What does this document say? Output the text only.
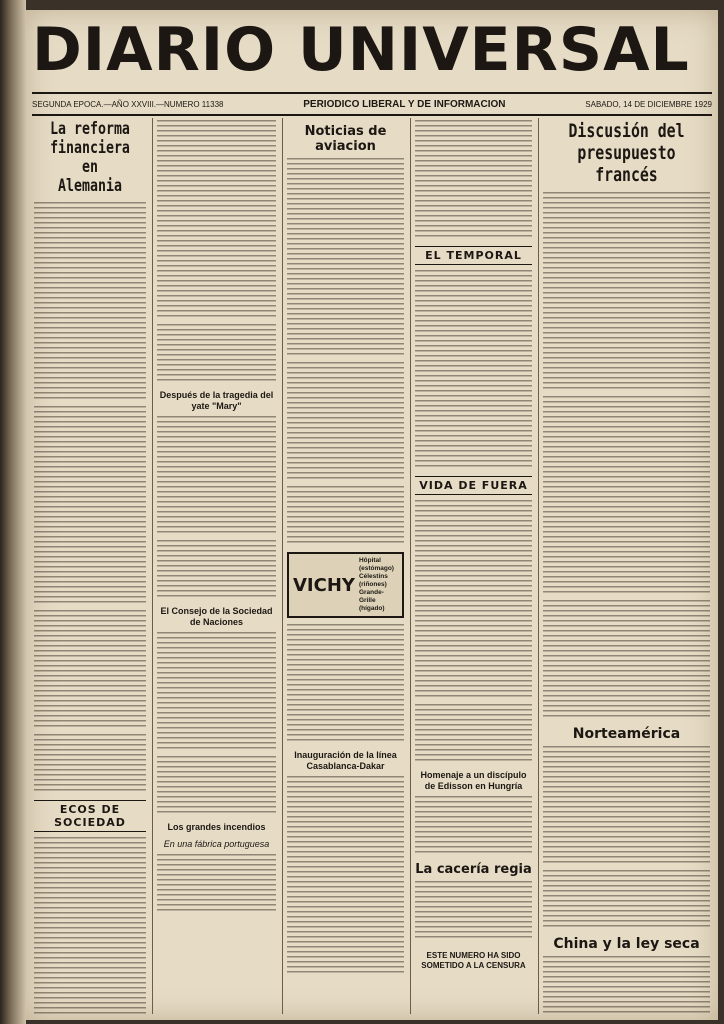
DIARIO UNIVERSAL
SEGUNDA EPOCA.—AÑO XXVIII.—NUMERO 11338	PERIODICO LIBERAL Y DE INFORMACION	SABADO, 14 DE DICIEMBRE 1929
La reforma financiera en Alemania
ECOS DE SOCIEDAD
Después de la tragedia del yate "Mary"
El Consejo de la Sociedad de Naciones
Los grandes incendios
En una fábrica portuguesa
Noticias de aviacion
VICHY
Hôpital (estómago)
Célestins (riñones)
Grande-Grille (hígado)
Inauguración de la línea Casablanca-Dakar
EL TEMPORAL
VIDA DE FUERA
Homenaje a un discípulo de Edisson en Hungría
La cacería regia
ESTE NUMERO HA SIDO SOMETIDO A LA CENSURA
Discusión del presupuesto francés
Norteamérica
China y la ley seca
